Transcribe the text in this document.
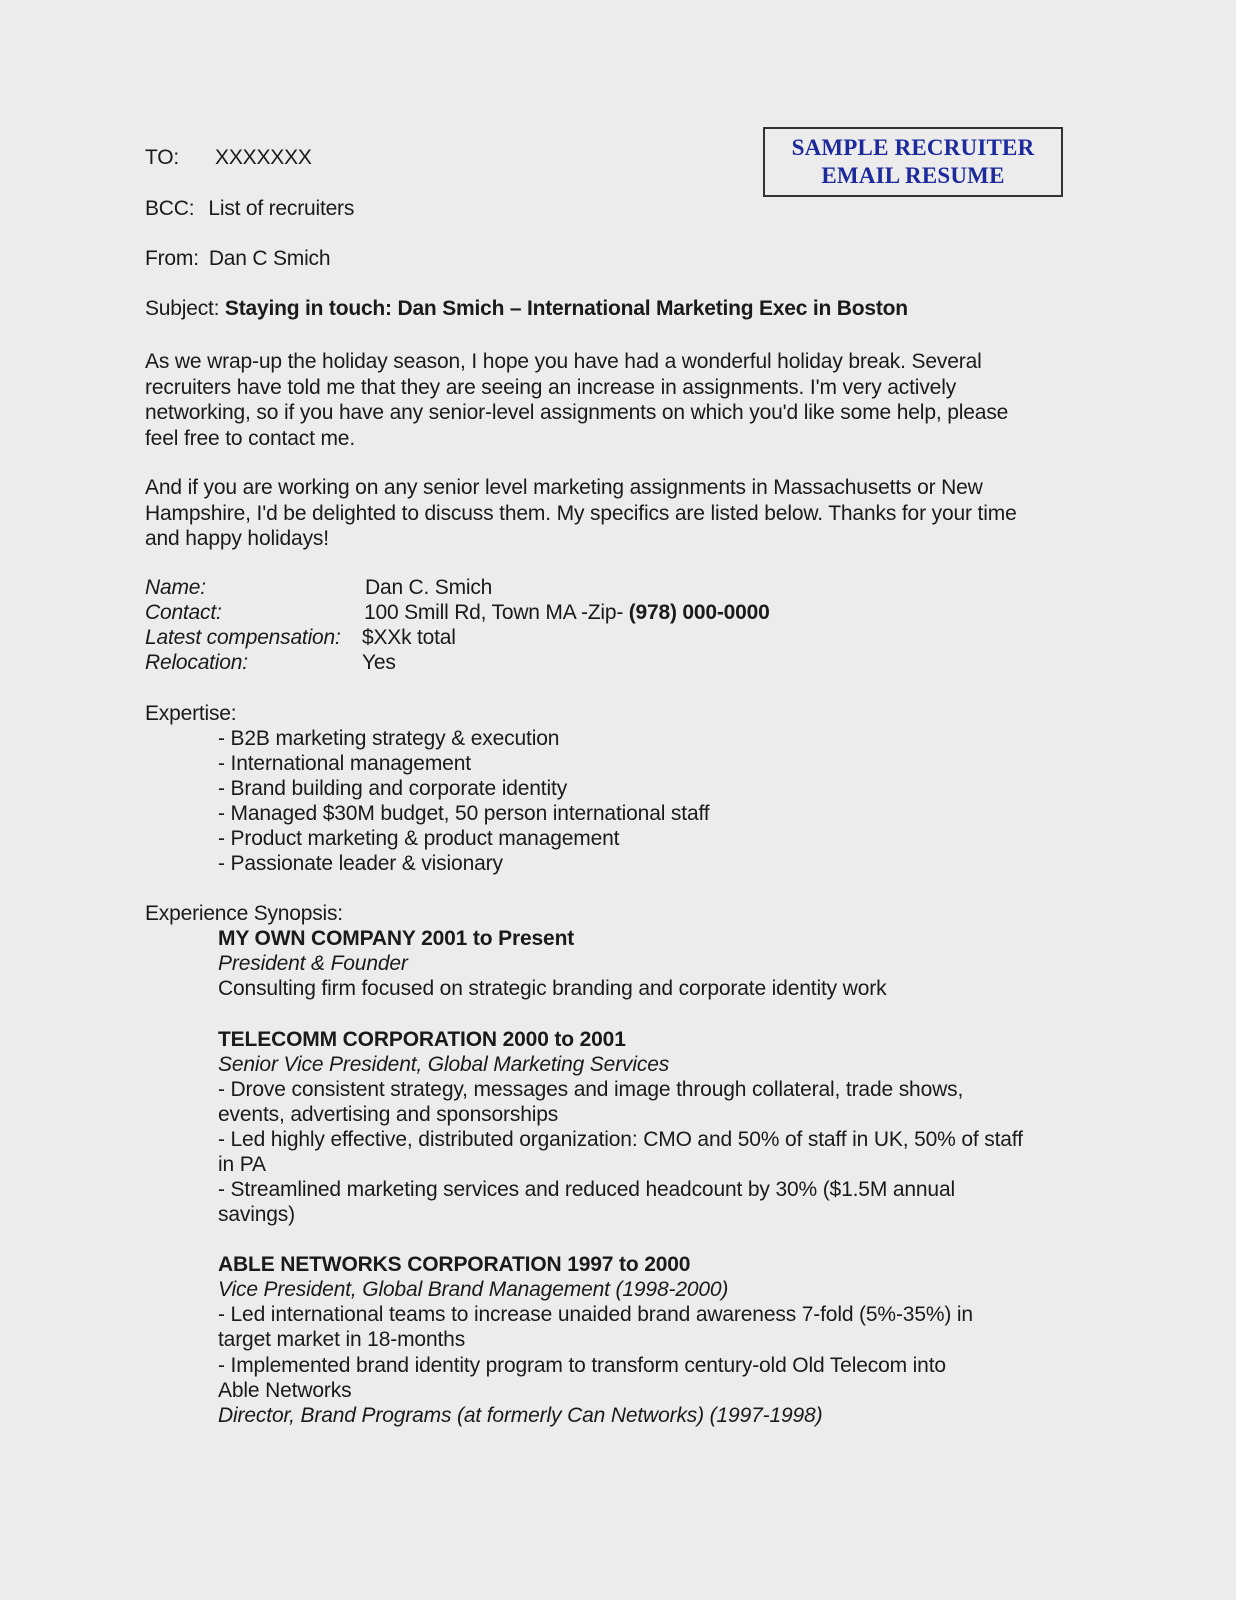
SAMPLE RECRUITER
EMAIL RESUME
TO: XXXXXXX
BCC: List of recruiters
From: Dan C Smich
Subject: Staying in touch: Dan Smich – International Marketing Exec in Boston
As we wrap-up the holiday season, I hope you have had a wonderful holiday break. Several
recruiters have told me that they are seeing an increase in assignments. I'm very actively
networking, so if you have any senior-level assignments on which you'd like some help, please
feel free to contact me.
And if you are working on any senior level marketing assignments in Massachusetts or New
Hampshire, I'd be delighted to discuss them. My specifics are listed below. Thanks for your time
and happy holidays!
Name:	Dan C. Smich
Contact:	100 Smill Rd, Town MA -Zip- (978) 000-0000
Latest compensation: $XXk total
Relocation:	Yes
Expertise:
- B2B marketing strategy & execution
- International management
- Brand building and corporate identity
- Managed $30M budget, 50 person international staff
- Product marketing & product management
- Passionate leader & visionary
Experience Synopsis:
MY OWN COMPANY 2001 to Present
President & Founder
Consulting firm focused on strategic branding and corporate identity work
TELECOMM CORPORATION 2000 to 2001
Senior Vice President, Global Marketing Services
- Drove consistent strategy, messages and image through collateral, trade shows,
events, advertising and sponsorships
- Led highly effective, distributed organization: CMO and 50% of staff in UK, 50% of staff
in PA
- Streamlined marketing services and reduced headcount by 30% ($1.5M annual
savings)
ABLE NETWORKS CORPORATION 1997 to 2000
Vice President, Global Brand Management (1998-2000)
- Led international teams to increase unaided brand awareness 7-fold (5%-35%) in
target market in 18-months
- Implemented brand identity program to transform century-old Old Telecom into
Able Networks
Director, Brand Programs (at formerly Can Networks) (1997-1998)
